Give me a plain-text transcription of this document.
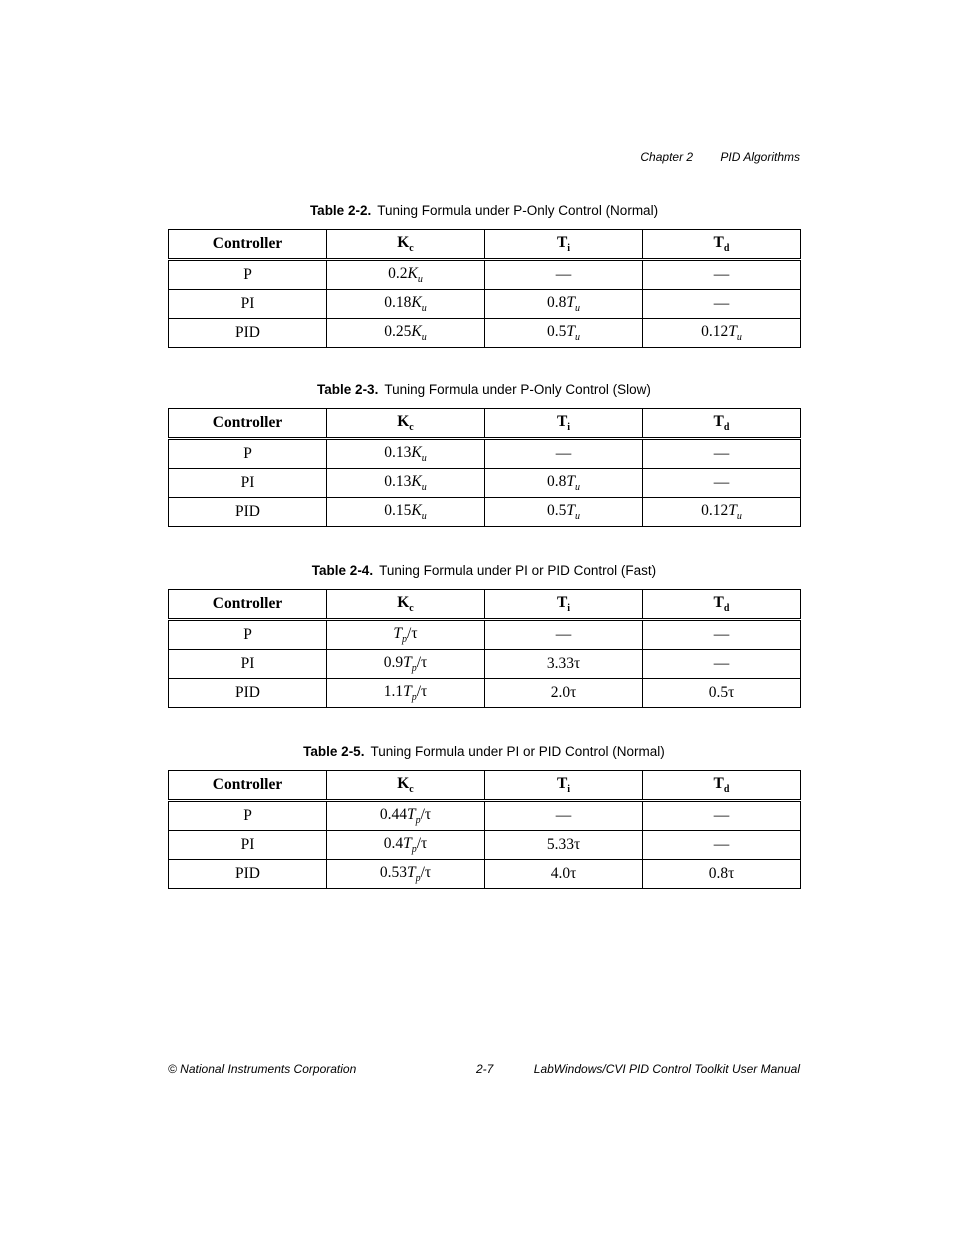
Chapter 2 PID Algorithms
Table 2-2. Tuning Formula under P-Only Control (Normal)
Controller	$K_c$	$T_i$	$T_d$
P	$0.2K_u$	—	—
PI	$0.18K_u$	$0.8T_u$	—
PID	$0.25K_u$	$0.5T_u$	$0.12T_u$
Table 2-3. Tuning Formula under P-Only Control (Slow)
Controller	$K_c$	$T_i$	$T_d$
P	$0.13K_u$	—	—
PI	$0.13K_u$	$0.8T_u$	—
PID	$0.15K_u$	$0.5T_u$	$0.12T_u$
Table 2-4. Tuning Formula under PI or PID Control (Fast)
Controller	$K_c$	$T_i$	$T_d$
P	$T_p/\tau$	—	—
PI	$0.9T_p/\tau$	3.33τ	—
PID	$1.1T_p/\tau$	2.0τ	0.5τ
Table 2-5. Tuning Formula under PI or PID Control (Normal)
Controller	$K_c$	$T_i$	$T_d$
P	$0.44T_p/\tau$	—	—
PI	$0.4T_p/\tau$	5.33τ	—
PID	$0.53T_p/\tau$	4.0τ	0.8τ
© National Instruments Corporation	2-7	LabWindows/CVI PID Control Toolkit User Manual
